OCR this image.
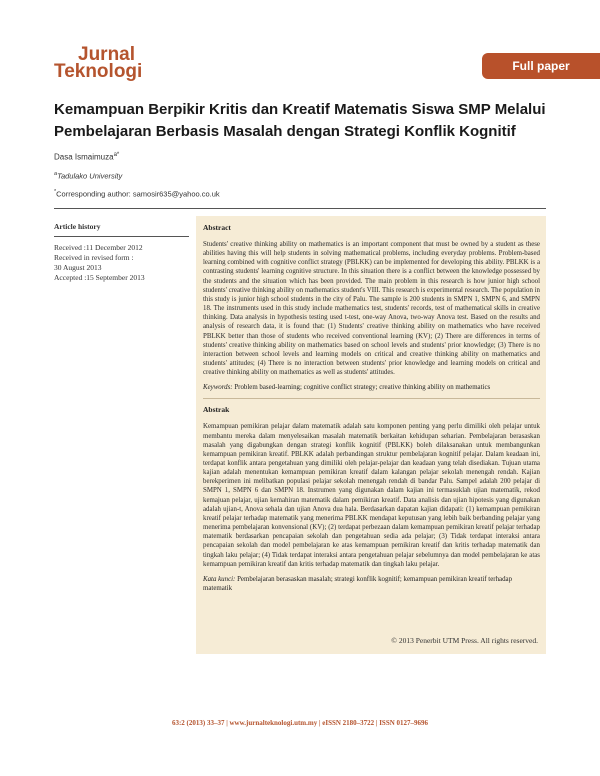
Jurnal
Teknologi	Full paper
Kemampuan Berpikir Kritis dan Kreatif Matematis Siswa SMP Melalui Pembelajaran Berbasis Masalah dengan Strategi Konflik Kognitif
Dasa Ismaimuza$^{a*}$
$^a$Tadulako University
*Corresponding author: samosir635@yahoo.co.uk
Article history
Received :11 December 2012
Received in revised form :
30 August 2013
Accepted :15 September 2013
Abstract

Students' creative thinking ability on mathematics is an important component that must be owned by a student as these abilities having this will help students in solving mathematical problems, including everyday problems. Problem-based learning combined with cognitive conflict strategy (PBLKK) can be implemented for developing this ability. PBLKK is a contrasting students' learning cognitive structure. In this situation there is a conflict between the knowledge possessed by the students and the situation which has been provided. The main problem in this research is how junior high school students' creative thinking ability on mathematics student's VIII. This research is experimental research. The population in this study is junior high school students in the city of Palu. The sample is 200 students in SMPN 1, SMPN 6, and SMPN 18. The instruments used in this study include mathematics test, students' records, test of mathematical skills in creative thinking. Data analysis in hypothesis testing used t-test, one-way Anova, two-way Anova test. Based on the results and analysis of research data, it is found that: (1) Students' creative thinking ability on mathematics who have received PBLKK better than those of students who received conventional learning (KV); (2) There are differences in terms of students' creative thinking ability on mathematics based on school levels and students' prior knowledge; (3) There is no interaction between school levels and learning models on critical and creative thinking ability on mathematics and students' attitudes; (4) There is no interaction between students' prior knowledge and learning models on critical and creative thinking ability on mathematics as well as students' attitudes.

Keywords: Problem based-learning; cognitive conflict strategy; creative thinking ability on mathematics
Abstrak

Kemampuan pemikiran pelajar dalam matematik adalah satu komponen penting yang perlu dimiliki oleh pelajar untuk membantu mereka dalam menyelesaikan masalah matematik berkaitan kehidupan seharian. Pembelajaran berasaskan masalah yang digabungkan dengan strategi konflik kognitif (PBLKK) boleh dilaksanakan untuk membangunkan kemampuan pemikiran kreatif. PBLKK adalah perbandingan struktur pembelajaran kognitif pelajar. Dalam keadaan ini, terdapat konflik antara pengetahuan yang dimiliki oleh pelajar-pelajar dan keadaan yang telah disediakan. Tujuan utama kajian adalah menentukan kemampuan pemikiran kreatif dalam kalangan pelajar sekolah menengah rendah. Kajian berekperimen ini melibatkan populasi pelajar sekolah menengah rendah di bandar Palu. Sampel adalah 200 pelajar di SMPN 1, SMPN 6 dan SMPN 18. Instrumen yang digunakan dalam kajian ini termasuklah ujian matematik, rekod kemajuan pelajar, ujian kemahiran matematik dalam pemikiran kreatif. Data analisis dan ujian hipotesis yang digunakan adalah ujian-t, Anova sehala dan ujian Anova dua hala. Berdasarkan dapatan kajian didapati: (1) kemampuan pemikiran kreatif pelajar terhadap matematik yang menerima PBLKK mendapat keputusan yang lebih baik berbanding pelajar yang menerima pembelajaran konvensional (KV); (2) terdapat perbezaan dalam kemampuan pemikiran kreatif pelajar terhadap matematik berdasarkan pencapaian sekolah dan pengetahuan sedia ada pelajar; (3) Tidak terdapat interaksi antara pencapaian sekolah dan model pembelajaran ke atas kemampuan pemikiran kreatif dan kritis terhadap matematik dan tingkah laku pelajar; (4) Tidak terdapat interaksi antara pengetahuan pelajar sebelumnya dan model pembelajaran ke atas kemampuan pemikiran kreatif dan kritis terhadap matematik dan tingkah laku pelajar.

Kata kunci: Pembelajaran berasaskan masalah; strategi konflik kognitif; kemampuan pemikiran kreatif terhadap matematik
© 2013 Penerbit UTM Press. All rights reserved.
63:2 (2013) 33–37 | www.jurnalteknologi.utm.my | eISSN 2180–3722 | ISSN 0127–9696
